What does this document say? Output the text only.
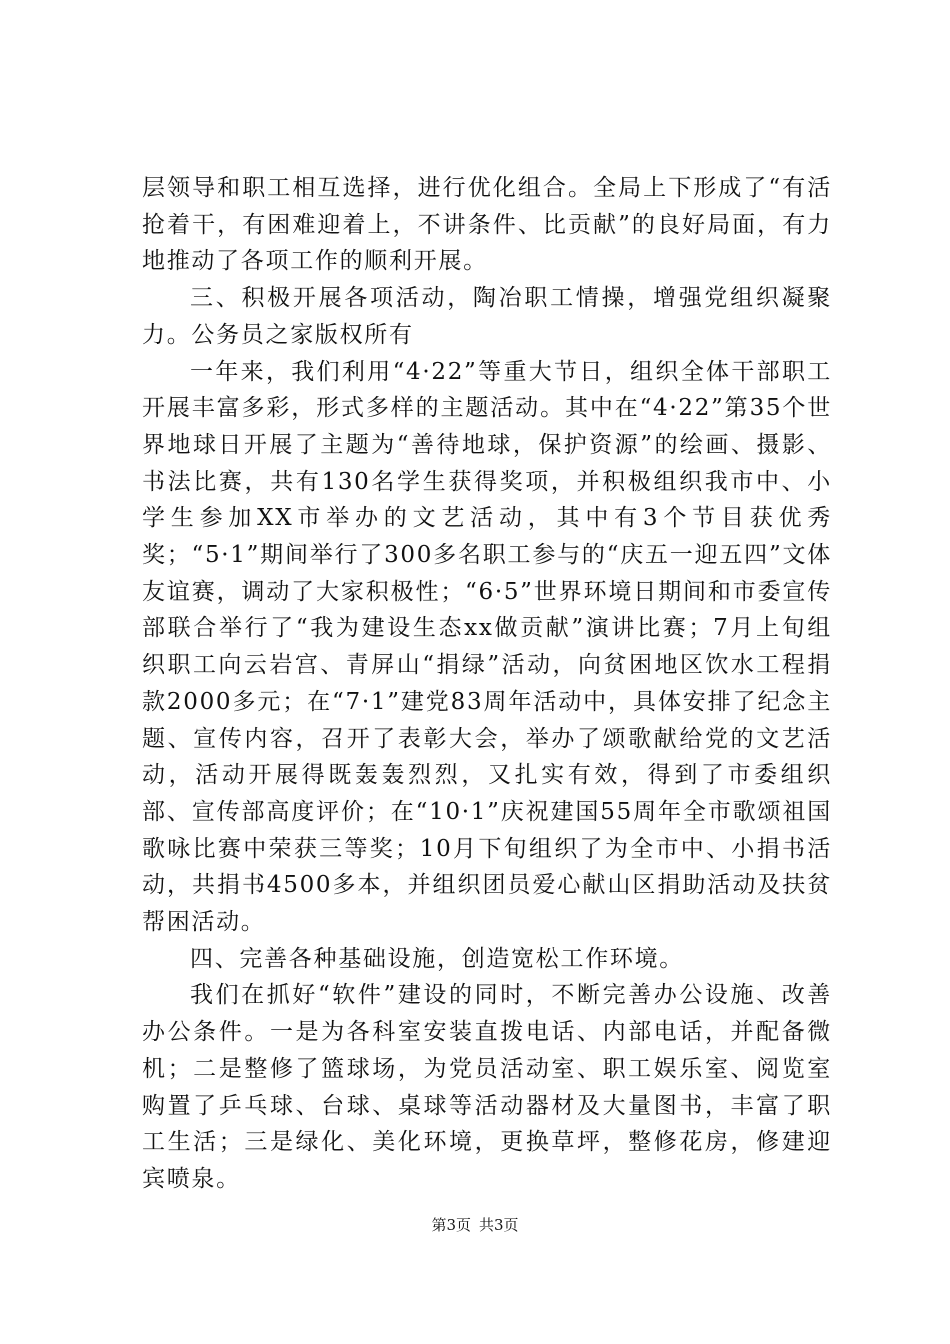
层领导和职工相互选择，进行优化组合。全局上下形成了“有活抢着干，有困难迎着上，不讲条件、比贡献”的良好局面，有力地推动了各项工作的顺利开展。

三、积极开展各项活动，陶冶职工情操，增强党组织凝聚力。公务员之家版权所有

一年来，我们利用“4·22”等重大节日，组织全体干部职工开展丰富多彩，形式多样的主题活动。其中在“4·22”第35个世界地球日开展了主题为“善待地球，保护资源”的绘画、摄影、书法比赛，共有130名学生获得奖项，并积极组织我市中、小学生参加XX市举办的文艺活动，其中有3个节目获优秀奖；“5·1”期间举行了300多名职工参与的“庆五一迎五四”文体友谊赛，调动了大家积极性；“6·5”世界环境日期间和市委宣传部联合举行了“我为建设生态xx做贡献”演讲比赛；7月上旬组织职工向云岩宫、青屏山“捐绿”活动，向贫困地区饮水工程捐款2000多元；在“7·1”建党83周年活动中，具体安排了纪念主题、宣传内容，召开了表彰大会，举办了颂歌献给党的文艺活动，活动开展得既轰轰烈烈，又扎实有效，得到了市委组织部、宣传部高度评价；在“10·1”庆祝建国55周年全市歌颂祖国歌咏比赛中荣获三等奖；10月下旬组织了为全市中、小捐书活动，共捐书4500多本，并组织团员爱心献山区捐助活动及扶贫帮困活动。

四、完善各种基础设施，创造宽松工作环境。

我们在抓好“软件”建设的同时，不断完善办公设施、改善办公条件。一是为各科室安装直拨电话、内部电话，并配备微机；二是整修了篮球场，为党员活动室、职工娱乐室、阅览室购置了乒乓球、台球、桌球等活动器材及大量图书，丰富了职工生活；三是绿化、美化环境，更换草坪，整修花房，修建迎宾喷泉。

第3页 共3页
